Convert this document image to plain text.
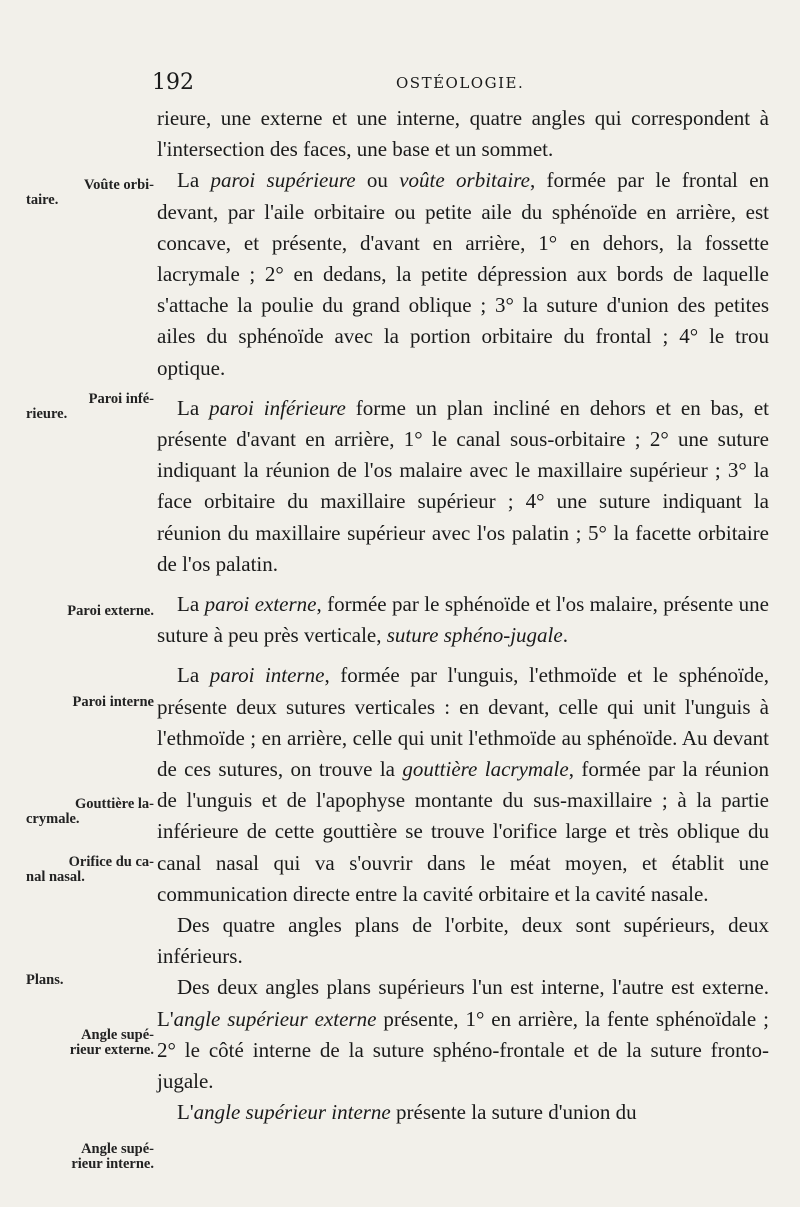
192	OSTÉOLOGIE.
Voûte orbi-
taire.
Paroi infé-
rieure.
Paroi externe.
Paroi interne
Gouttière la-
crymale.
Orifice du ca-
nal nasal.
Plans.
Angle supé-
rieur externe.
Angle supé-
rieur interne.

rieure, une externe et une interne, quatre angles qui correspondent à l'intersection des faces, une base et un sommet.

La paroi supérieure ou voûte orbitaire, formée par le frontal en devant, par l'aile orbitaire ou petite aile du sphénoïde en arrière, est concave, et présente, d'avant en arrière, 1° en dehors, la fossette lacrymale ; 2° en dedans, la petite dépression aux bords de laquelle s'attache la poulie du grand oblique ; 3° la suture d'union des petites ailes du sphénoïde avec la portion orbitaire du frontal ; 4° le trou optique.

La paroi inférieure forme un plan incliné en dehors et en bas, et présente d'avant en arrière, 1° le canal sous-orbitaire ; 2° une suture indiquant la réunion de l'os malaire avec le maxillaire supérieur ; 3° la face orbitaire du maxillaire supérieur ; 4° une suture indiquant la réunion du maxillaire supérieur avec l'os palatin ; 5° la facette orbitaire de l'os palatin.

La paroi externe, formée par le sphénoïde et l'os malaire, présente une suture à peu près verticale, suture sphéno-jugale.

La paroi interne, formée par l'unguis, l'ethmoïde et le sphénoïde, présente deux sutures verticales : en devant, celle qui unit l'unguis à l'ethmoïde ; en arrière, celle qui unit l'ethmoïde au sphénoïde. Au devant de ces sutures, on trouve la gouttière lacrymale, formée par la réunion de l'unguis et de l'apophyse montante du sus-maxillaire ; à la partie inférieure de cette gouttière se trouve l'orifice large et très oblique du canal nasal qui va s'ouvrir dans le méat moyen, et établit une communication directe entre la cavité orbitaire et la cavité nasale.

Des quatre angles plans de l'orbite, deux sont supérieurs, deux inférieurs.

Des deux angles plans supérieurs l'un est interne, l'autre est externe. L'angle supérieur externe présente, 1° en arrière, la fente sphénoïdale ; 2° le côté interne de la suture sphéno-frontale et de la suture fronto-jugale.

L'angle supérieur interne présente la suture d'union du
